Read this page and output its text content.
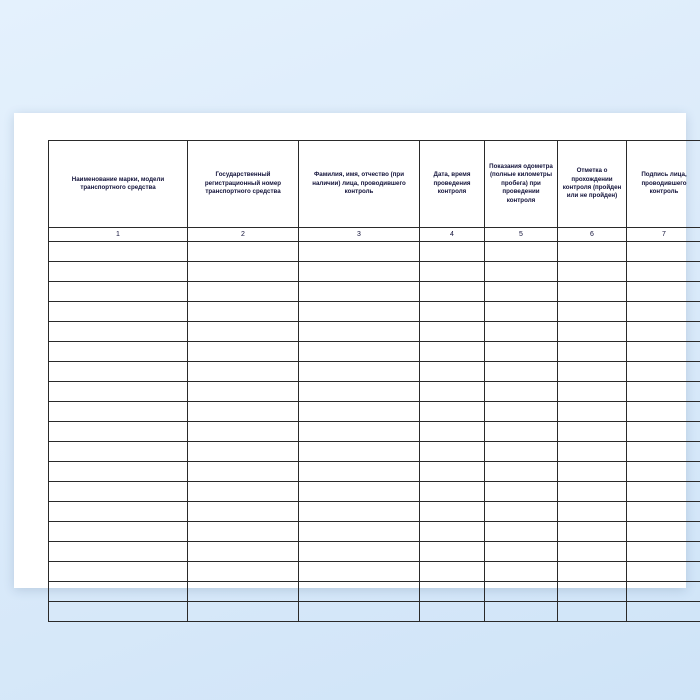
Наименование марки, модели транспортного средства	Государственный регистрационный номер транспортного средства	Фамилия, имя, отчество (при наличии) лица, проводившего контроль	Дата, время проведения контроля	Показания одометра (полные километры пробега) при проведении контроля	Отметка о прохождении контроля (пройден или не пройден)	Подпись лица, проводившего контроль
1	2	3	4	5	6	7
